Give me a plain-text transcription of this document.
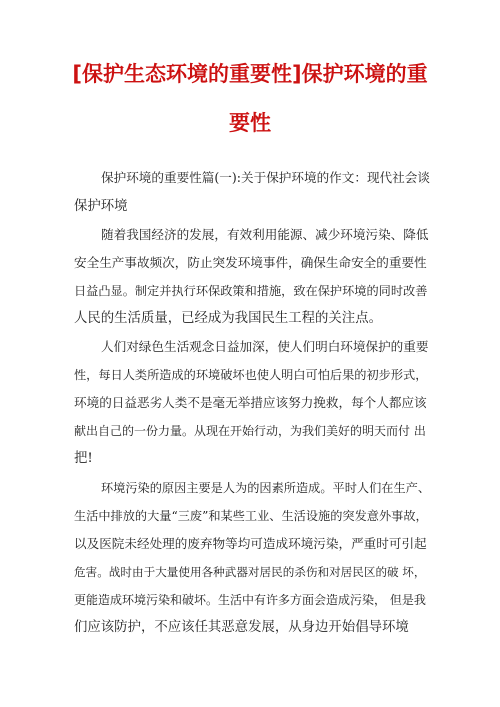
[保护生态环境的重要性]保护环境的重
要性
保护环境的重要性篇(一):关于保护环境的作文：现代社会谈
保护环境
随着我国经济的发展，有效利用能源、减少环境污染、降低
安全生产事故频次，防止突发环境事件，确保生命安全的重要性
日益凸显。制定并执行环保政策和措施，致在保护环境的同时改善
人民的生活质量，已经成为我国民生工程的关注点。
人们对绿色生活观念日益加深，使人们明白环境保护的重要
性，每日人类所造成的环境破坏也使人明白可怕后果的初步形式，
环境的日益恶劣人类不是毫无举措应该努力挽救，每个人都应该
献出自己的一份力量。从现在开始行动，为我们美好的明天而付 出
把!
环境污染的原因主要是人为的因素所造成。平时人们在生产、
生活中排放的大量“三废”和某些工业、生活设施的突发意外事故，
以及医院未经处理的废弃物等均可造成环境污染，严重时可引起
危害。战时由于大量使用各种武器对居民的杀伤和对居民区的破 坏，
更能造成环境污染和破坏。生活中有许多方面会造成污染， 但是我
们应该防护，不应该任其恶意发展，从身边开始倡导环境
